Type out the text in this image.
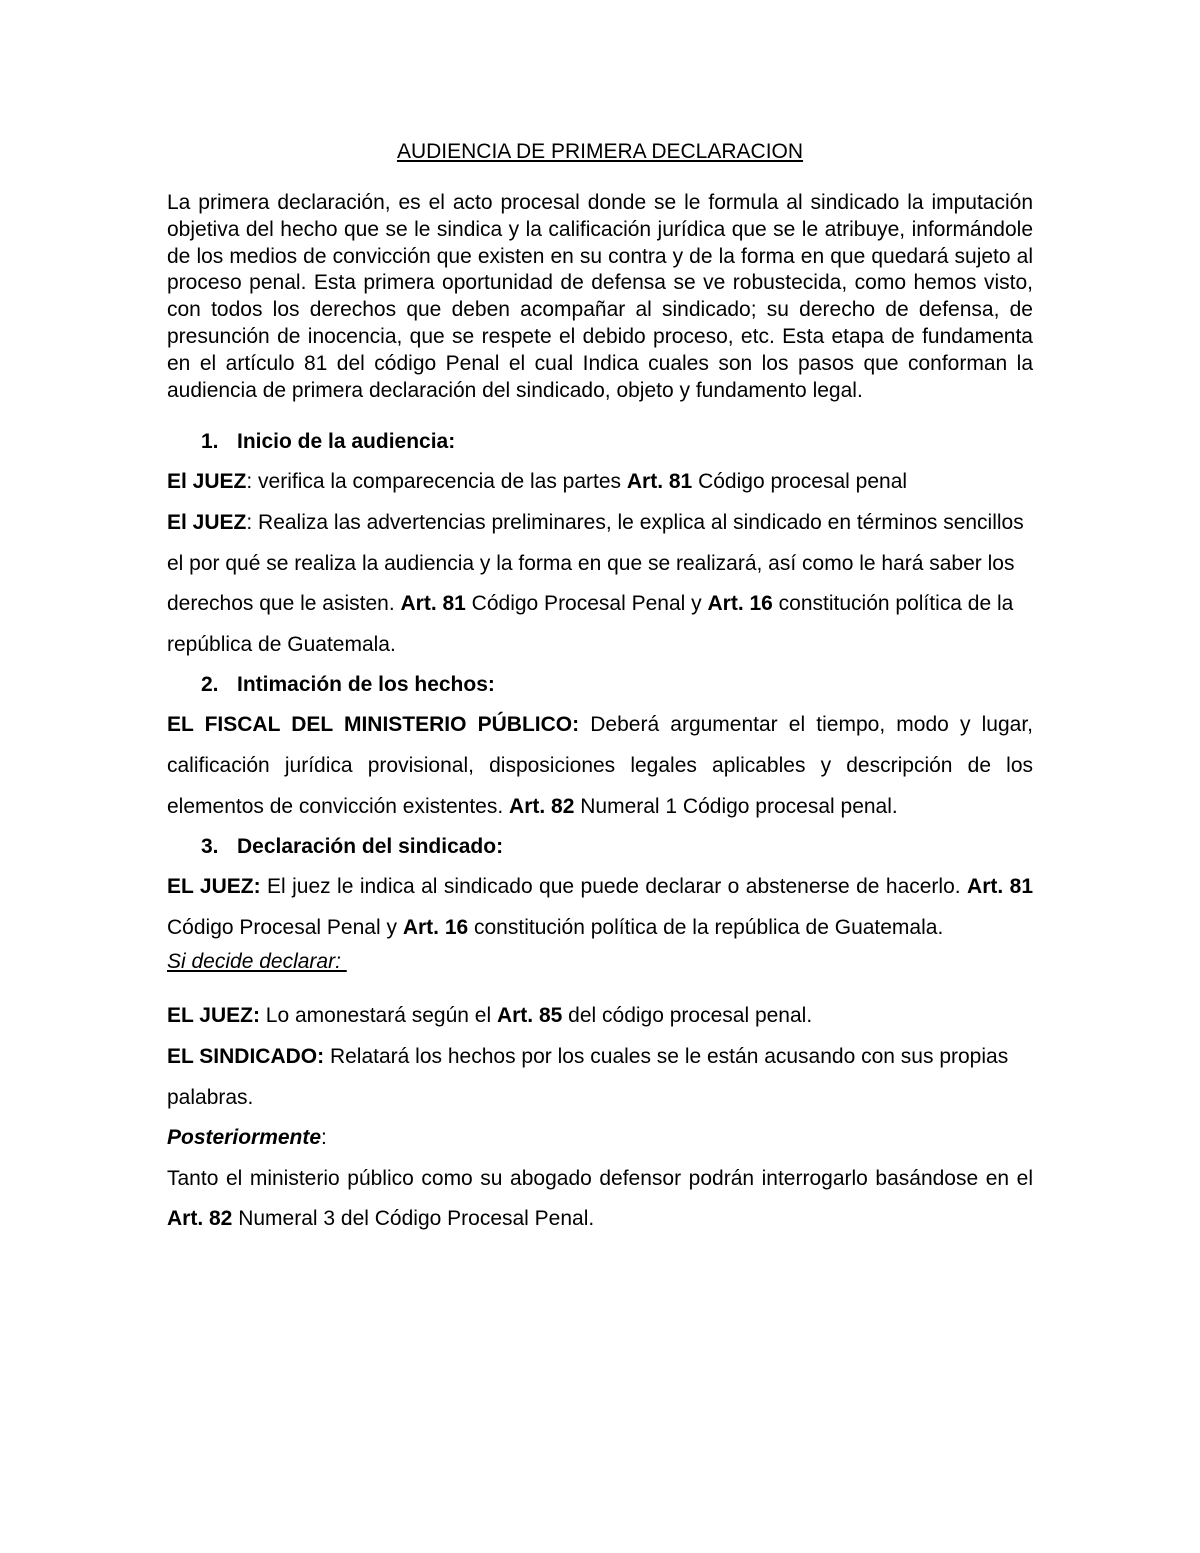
AUDIENCIA DE PRIMERA DECLARACION

La primera declaración, es el acto procesal donde se le formula al sindicado la imputación objetiva del hecho que se le sindica y la calificación jurídica que se le atribuye, informándole de los medios de convicción que existen en su contra y de la forma en que quedará sujeto al proceso penal. Esta primera oportunidad de defensa se ve robustecida, como hemos visto, con todos los derechos que deben acompañar al sindicado; su derecho de defensa, de presunción de inocencia, que se respete el debido proceso, etc. Esta etapa de fundamenta en el artículo 81 del código Penal el cual Indica cuales son los pasos que conforman la audiencia de primera declaración del sindicado, objeto y fundamento legal.

1. Inicio de la audiencia:

El JUEZ: verifica la comparecencia de las partes Art. 81 Código procesal penal

El JUEZ: Realiza las advertencias preliminares, le explica al sindicado en términos sencillos el por qué se realiza la audiencia y la forma en que se realizará, así como le hará saber los derechos que le asisten. Art. 81 Código Procesal Penal y Art. 16 constitución política de la república de Guatemala.

2. Intimación de los hechos:

EL FISCAL DEL MINISTERIO PÚBLICO: Deberá argumentar el tiempo, modo y lugar, calificación jurídica provisional, disposiciones legales aplicables y descripción de los elementos de convicción existentes. Art. 82 Numeral 1 Código procesal penal.

3. Declaración del sindicado:

EL JUEZ: El juez le indica al sindicado que puede declarar o abstenerse de hacerlo. Art. 81 Código Procesal Penal y Art. 16 constitución política de la república de Guatemala.

Si decide declarar:

EL JUEZ: Lo amonestará según el Art. 85 del código procesal penal.

EL SINDICADO: Relatará los hechos por los cuales se le están acusando con sus propias palabras.

Posteriormente:

Tanto el ministerio público como su abogado defensor podrán interrogarlo basándose en el Art. 82 Numeral 3 del Código Procesal Penal.
